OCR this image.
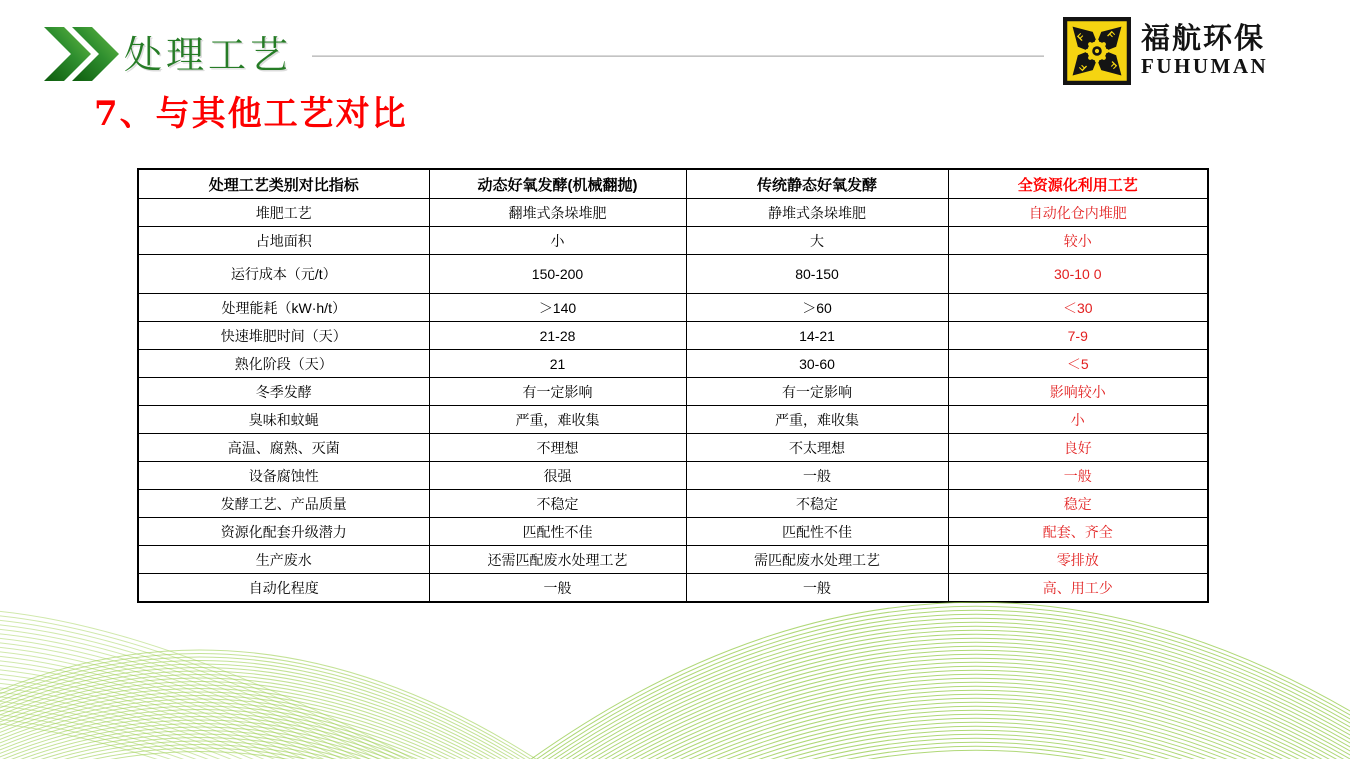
处理工艺	F F
F F
福航环保
FUHUMAN
7、与其他工艺对比
处理工艺类别对比指标	动态好氧发酵(机械翻抛)	传统静态好氧发酵	全资源化利用工艺
堆肥工艺	翻堆式条垛堆肥	静堆式条垛堆肥	自动化仓内堆肥
占地面积	小	大	较小
运行成本（元/t）	150-200	80-150	30-10 0
处理能耗（kW·h/t）	＞140	＞60	＜30
快速堆肥时间（天）	21-28	14-21	7-9
熟化阶段（天）	21	30-60	＜5
冬季发酵	有一定影响	有一定影响	影响较小
臭味和蚊蝇	严重，难收集	严重，难收集	小
高温、腐熟、灭菌	不理想	不太理想	良好
设备腐蚀性	很强	一般	一般
发酵工艺、产品质量	不稳定	不稳定	稳定
资源化配套升级潜力	匹配性不佳	匹配性不佳	配套、齐全
生产废水	还需匹配废水处理工艺	需匹配废水处理工艺	零排放
自动化程度	一般	一般	高、用工少
